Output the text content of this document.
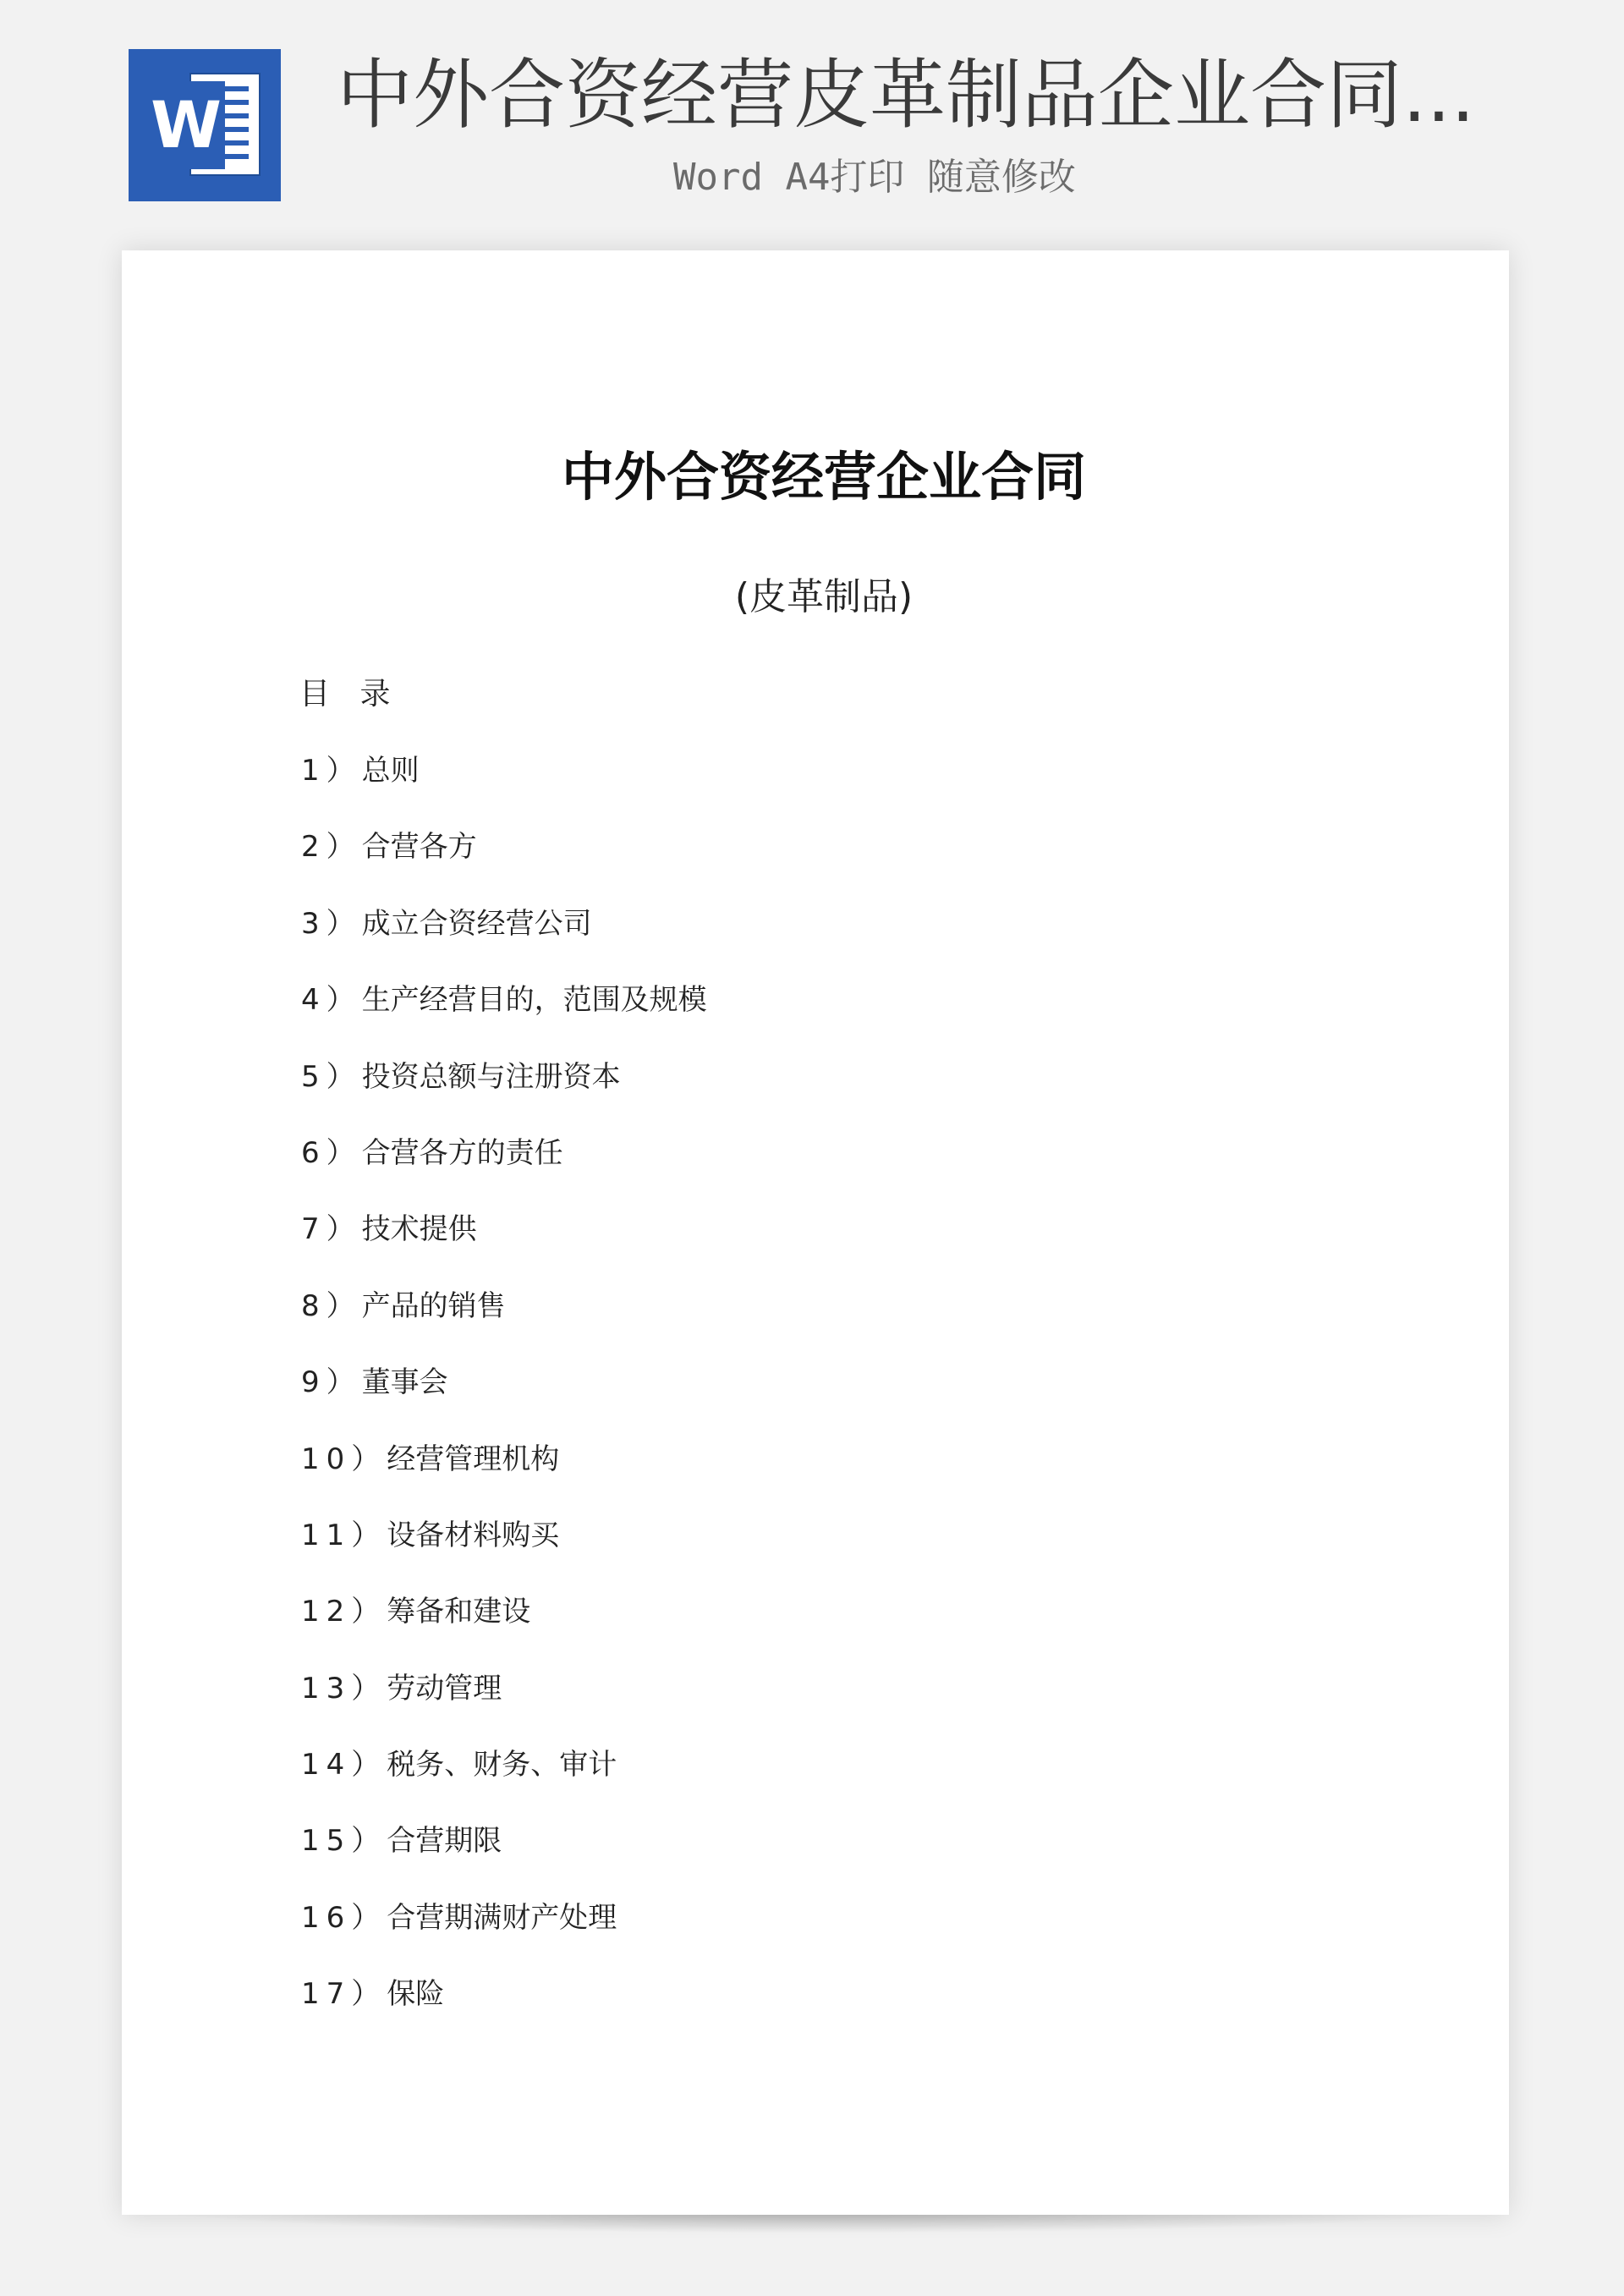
W 中外合资经营皮革制品企业合同...
Word A4打印 随意修改
中外合资经营企业合同
(皮革制品)
目 录
1）总则
2）合营各方
3）成立合资经营公司
4）生产经营目的，范围及规模
5）投资总额与注册资本
6）合营各方的责任
7）技术提供
8）产品的销售
9）董事会
10）经营管理机构
11）设备材料购买
12）筹备和建设
13）劳动管理
14）税务、财务、审计
15）合营期限
16）合营期满财产处理
17）保险
